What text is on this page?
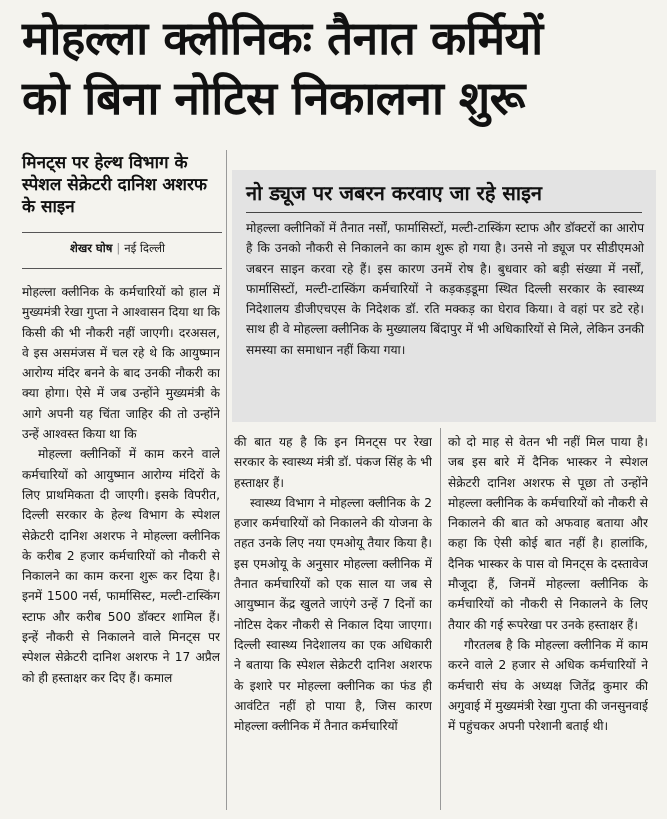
मोहल्ला क्लीनिकः तैनात कर्मियों
को बिना नोटिस निकालना शुरू
मिनट्स पर हेल्थ विभाग के स्पेशल सेक्रेटरी दानिश अशरफ के साइन
शेखर घोष | नई दिल्ली
नो ड्यूज पर जबरन करवाए जा रहे साइन
मोहल्ला क्लीनिकों में तैनात नर्सों, फार्मासिस्टों, मल्टी-टास्किंग स्टाफ और डॉक्टरों का आरोप है कि उनको नौकरी से निकालने का काम शुरू हो गया है। उनसे नो ड्यूज पर सीडीएमओ जबरन साइन करवा रहे हैं। इस कारण उनमें रोष है। बुधवार को बड़ी संख्या में नर्सों, फार्मासिस्टों, मल्टी-टास्किंग कर्मचारियों ने कड़कड़डूमा स्थित दिल्ली सरकार के स्वास्थ्य निदेशालय डीजीएचएस के निदेशक डॉ. रति मक्कड़ का घेराव किया। वे वहां पर डटे रहे। साथ ही वे मोहल्ला क्लीनिक के मुख्यालय बिंदापुर में भी अधिकारियों से मिले, लेकिन उनकी समस्या का समाधान नहीं किया गया।

मोहल्ला क्लीनिक के कर्मचारियों को हाल में मुख्यमंत्री रेखा गुप्ता ने आश्वासन दिया था कि किसी की भी नौकरी नहीं जाएगी। दरअसल, वे इस असमंजस में चल रहे थे कि आयुष्मान आरोग्य मंदिर बनने के बाद उनकी नौकरी का क्या होगा। ऐसे में जब उन्होंने मुख्यमंत्री के आगे अपनी यह चिंता जाहिर की तो उन्होंने उन्हें आश्वस्त किया था कि

मोहल्ला क्लीनिकों में काम करने वाले कर्मचारियों को आयुष्मान आरोग्य मंदिरों के लिए प्राथमिकता दी जाएगी। इसके विपरीत, दिल्ली सरकार के हेल्थ विभाग के स्पेशल सेक्रेटरी दानिश अशरफ ने मोहल्ला क्लीनिक के करीब 2 हजार कर्मचारियों को नौकरी से निकालने का काम करना शुरू कर दिया है। इनमें 1500 नर्स, फार्मासिस्ट, मल्टी-टास्किंग स्टाफ और करीब 500 डॉक्टर शामिल हैं। इन्हें नौकरी से निकालने वाले मिनट्स पर स्पेशल सेक्रेटरी दानिश अशरफ ने 17 अप्रैल को ही हस्ताक्षर कर दिए हैं। कमाल

की बात यह है कि इन मिनट्स पर रेखा सरकार के स्वास्थ्य मंत्री डॉ. पंकज सिंह के भी हस्ताक्षर हैं।

स्वास्थ्य विभाग ने मोहल्ला क्लीनिक के 2 हजार कर्मचारियों को निकालने की योजना के तहत उनके लिए नया एमओयू तैयार किया है। इस एमओयू के अनुसार मोहल्ला क्लीनिक में तैनात कर्मचारियों को एक साल या जब से आयुष्मान केंद्र खुलते जाएंगे उन्हें 7 दिनों का नोटिस देकर नौकरी से निकाल दिया जाएगा। दिल्ली स्वास्थ्य निदेशालय का एक अधिकारी ने बताया कि स्पेशल सेक्रेटरी दानिश अशरफ के इशारे पर मोहल्ला क्लीनिक का फंड ही आवंटित नहीं हो पाया है, जिस कारण मोहल्ला क्लीनिक में तैनात कर्मचारियों

को दो माह से वेतन भी नहीं मिल पाया है। जब इस बारे में दैनिक भास्कर ने स्पेशल सेक्रेटरी दानिश अशरफ से पूछा तो उन्होंने मोहल्ला क्लीनिक के कर्मचारियों को नौकरी से निकालने की बात को अफवाह बताया और कहा कि ऐसी कोई बात नहीं है। हालांकि, दैनिक भास्कर के पास वो मिनट्स के दस्तावेज मौजूदा हैं, जिनमें मोहल्ला क्लीनिक के कर्मचारियों को नौकरी से निकालने के लिए तैयार की गई रूपरेखा पर उनके हस्ताक्षर हैं।

गौरतलब है कि मोहल्ला क्लीनिक में काम करने वाले 2 हजार से अधिक कर्मचारियों ने कर्मचारी संघ के अध्यक्ष जितेंद्र कुमार की अगुवाई में मुख्यमंत्री रेखा गुप्ता की जनसुनवाई में पहुंचकर अपनी परेशानी बताई थी।
